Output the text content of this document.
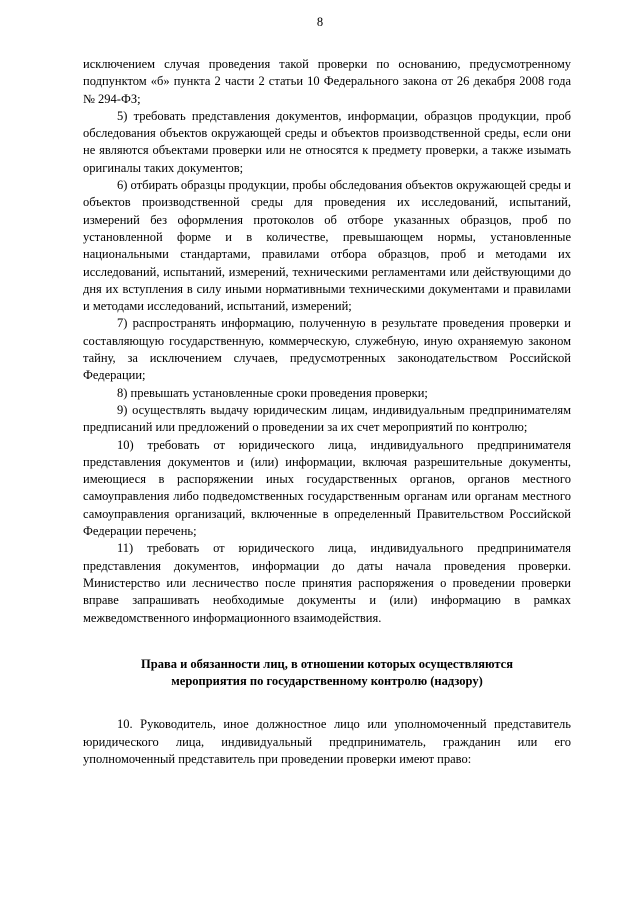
8

исключением случая проведения такой проверки по основанию, предусмотренному подпунктом «б» пункта 2 части 2 статьи 10 Федерального закона от 26 декабря 2008 года № 294-ФЗ;

5) требовать представления документов, информации, образцов продукции, проб обследования объектов окружающей среды и объектов производственной среды, если они не являются объектами проверки или не относятся к предмету проверки, а также изымать оригиналы таких документов;

6) отбирать образцы продукции, пробы обследования объектов окружающей среды и объектов производственной среды для проведения их исследований, испытаний, измерений без оформления протоколов об отборе указанных образцов, проб по установленной форме и в количестве, превышающем нормы, установленные национальными стандартами, правилами отбора образцов, проб и методами их исследований, испытаний, измерений, техническими регламентами или действующими до дня их вступления в силу иными нормативными техническими документами и правилами и методами исследований, испытаний, измерений;

7) распространять информацию, полученную в результате проведения проверки и составляющую государственную, коммерческую, служебную, иную охраняемую законом тайну, за исключением случаев, предусмотренных законодательством Российской Федерации;

8) превышать установленные сроки проведения проверки;

9) осуществлять выдачу юридическим лицам, индивидуальным предпринимателям предписаний или предложений о проведении за их счет мероприятий по контролю;

10) требовать от юридического лица, индивидуального предпринимателя представления документов и (или) информации, включая разрешительные документы, имеющиеся в распоряжении иных государственных органов, органов местного самоуправления либо подведомственных государственным органам или органам местного самоуправления организаций, включенные в определенный Правительством Российской Федерации перечень;

11) требовать от юридического лица, индивидуального предпринимателя представления документов, информации до даты начала проведения проверки. Министерство или лесничество после принятия распоряжения о проведении проверки вправе запрашивать необходимые документы и (или) информацию в рамках межведомственного информационного взаимодействия.

Права и обязанности лиц, в отношении которых осуществляются
мероприятия по государственному контролю (надзору)

10. Руководитель, иное должностное лицо или уполномоченный представитель юридического лица, индивидуальный предприниматель, гражданин или его уполномоченный представитель при проведении проверки имеют право:
